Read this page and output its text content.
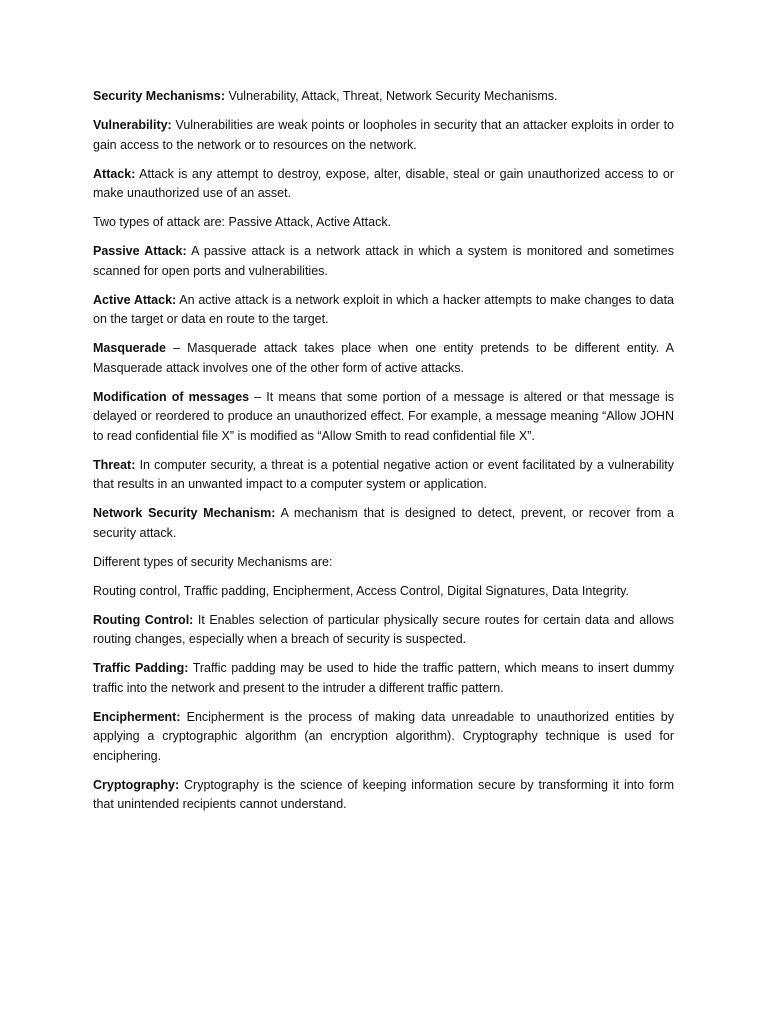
Security Mechanisms: Vulnerability, Attack, Threat, Network Security Mechanisms.

Vulnerability: Vulnerabilities are weak points or loopholes in security that an attacker exploits in order to gain access to the network or to resources on the network.

Attack: Attack is any attempt to destroy, expose, alter, disable, steal or gain unauthorized access to or make unauthorized use of an asset.

Two types of attack are: Passive Attack, Active Attack.

Passive Attack: A passive attack is a network attack in which a system is monitored and sometimes scanned for open ports and vulnerabilities.

Active Attack: An active attack is a network exploit in which a hacker attempts to make changes to data on the target or data en route to the target.

Masquerade – Masquerade attack takes place when one entity pretends to be different entity. A Masquerade attack involves one of the other form of active attacks.

Modification of messages – It means that some portion of a message is altered or that message is delayed or reordered to produce an unauthorized effect. For example, a message meaning “Allow JOHN to read confidential file X” is modified as “Allow Smith to read confidential file X”.

Threat: In computer security, a threat is a potential negative action or event facilitated by a vulnerability that results in an unwanted impact to a computer system or application.

Network Security Mechanism: A mechanism that is designed to detect, prevent, or recover from a security attack.

Different types of security Mechanisms are:

Routing control, Traffic padding, Encipherment, Access Control, Digital Signatures, Data Integrity.

Routing Control: It Enables selection of particular physically secure routes for certain data and allows routing changes, especially when a breach of security is suspected.

Traffic Padding: Traffic padding may be used to hide the traffic pattern, which means to insert dummy traffic into the network and present to the intruder a different traffic pattern.

Encipherment: Encipherment is the process of making data unreadable to unauthorized entities by applying a cryptographic algorithm (an encryption algorithm). Cryptography technique is used for enciphering.

Cryptography: Cryptography is the science of keeping information secure by transforming it into form that unintended recipients cannot understand.
